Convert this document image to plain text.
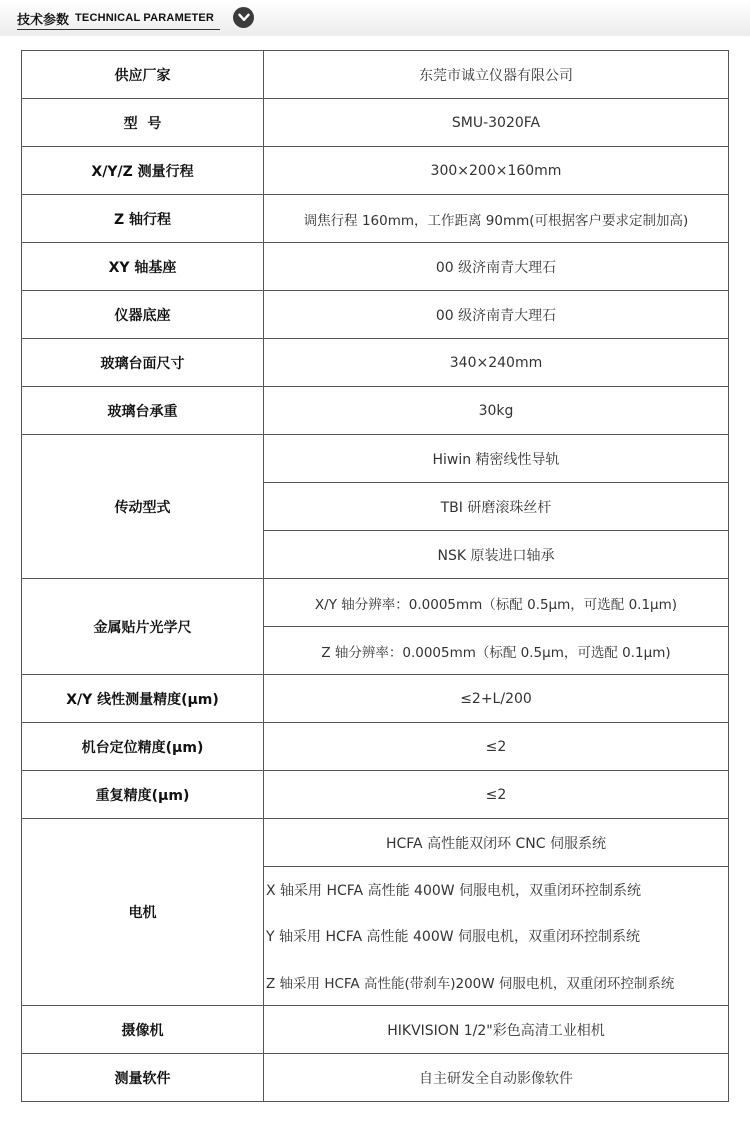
技术参数 TECHNICAL PARAMETER
供应厂家	东莞市诚立仪器有限公司
型  号	SMU-3020FA
X/Y/Z 测量行程	300×200×160mm
Z 轴行程	调焦行程 160mm，工作距离 90mm(可根据客户要求定制加高)
XY 轴基座	00 级济南青大理石
仪器底座	00 级济南青大理石
玻璃台面尺寸	340×240mm
玻璃台承重	30kg
传动型式	Hiwin 精密线性导轨
	TBI 研磨滚珠丝杆
	NSK 原装进口轴承
金属贴片光学尺	X/Y 轴分辨率：0.0005mm（标配 0.5μm，可选配 0.1μm)
	Z 轴分辨率：0.0005mm（标配 0.5μm，可选配 0.1μm)
X/Y 线性测量精度(μm)	≤2+L/200
机台定位精度(μm)	≤2
重复精度(μm)	≤2
电机	HCFA 高性能双闭环 CNC 伺服系统

	X 轴采用 HCFA 高性能 400W 伺服电机，双重闭环控制系统
Y 轴采用 HCFA 高性能 400W 伺服电机，双重闭环控制系统
Z 轴采用 HCFA 高性能(带刹车)200W 伺服电机，双重闭环控制系统

摄像机	HIKVISION 1/2"彩色高清工业相机
测量软件	自主研发全自动影像软件
